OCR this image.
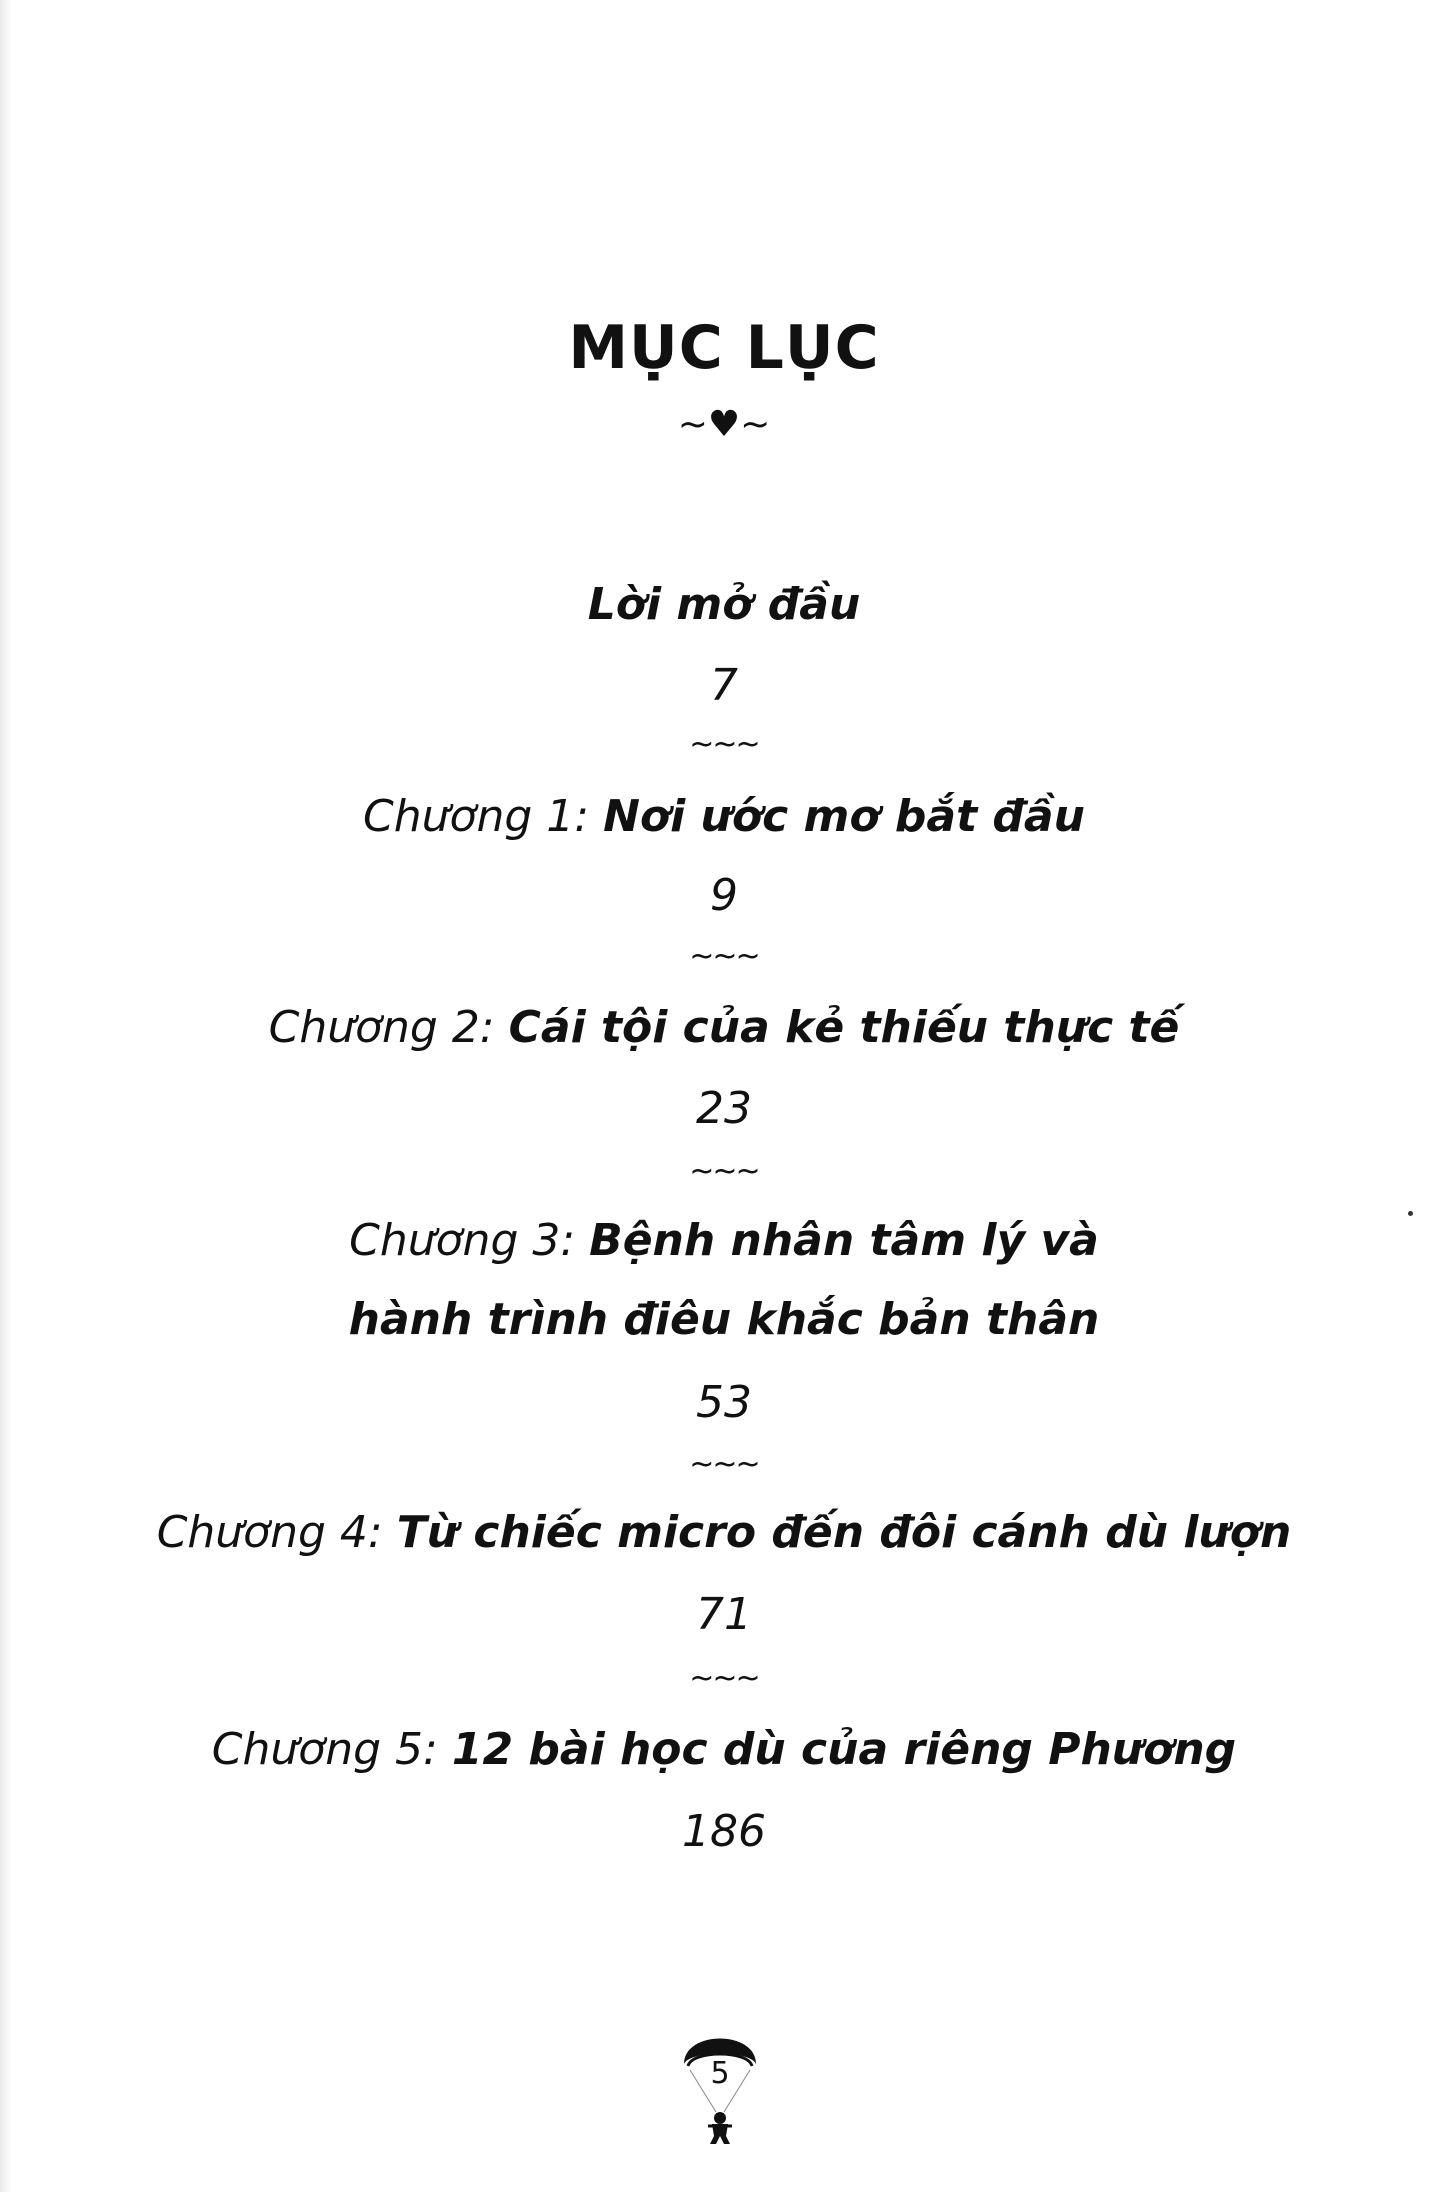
MỤC LỤC
~♥~
Lời mở đầu
7
~~~
Chương 1: Nơi ước mơ bắt đầu
9
~~~
Chương 2: Cái tội của kẻ thiếu thực tế
23
~~~
Chương 3: Bệnh nhân tâm lý và
hành trình điêu khắc bản thân
53
~~~
Chương 4: Từ chiếc micro đến đôi cánh dù lượn
71
~~~
Chương 5: 12 bài học dù của riêng Phương
186
5
